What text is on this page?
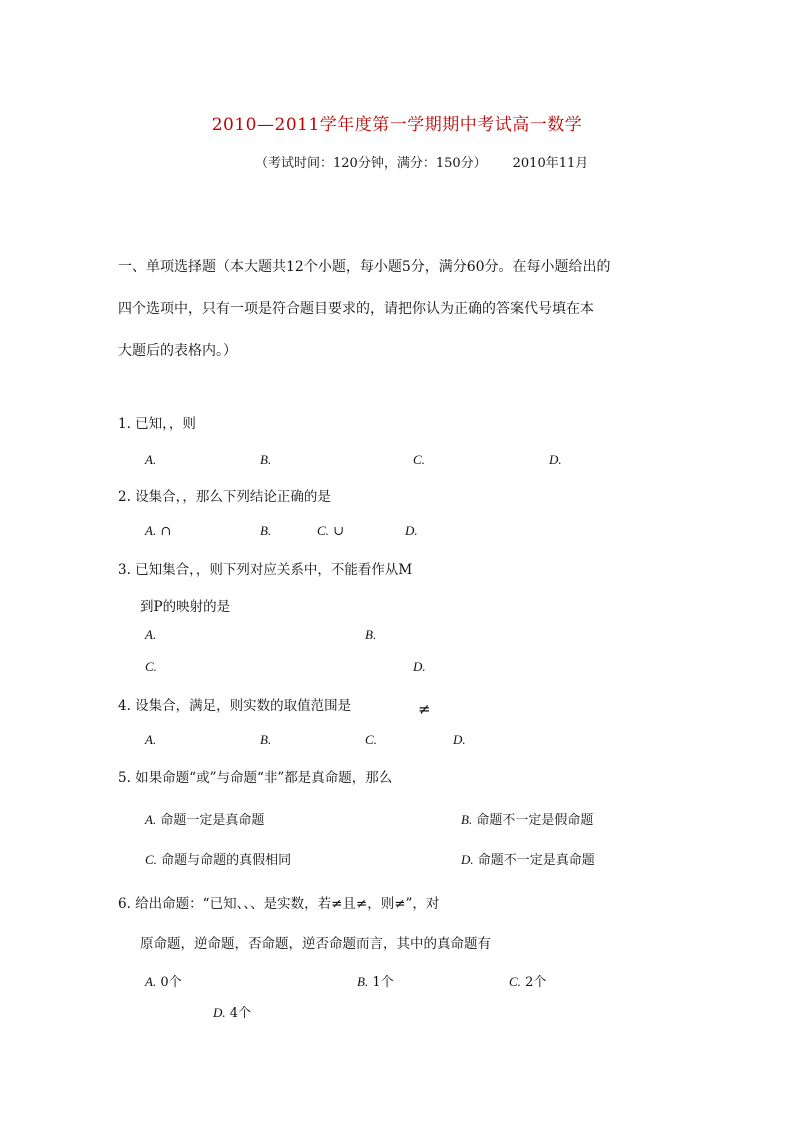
2010—2011学年度第一学期期中考试高一数学
（考试时间：120分钟，满分：150分） 2010年11月
一、单项选择题（本大题共12个小题，每小题5分，满分60分。在每小题给出的
四个选项中，只有一项是符合题目要求的，请把你认为正确的答案代号填在本
大题后的表格内。）
1. 已知，，则
A.	B.	C.	D.
2. 设集合，，那么下列结论正确的是
A. ∩	B.	C. ∪	D.
3. 已知集合，，则下列对应关系中，不能看作从M
到P的映射的是
A.	B.
C.	D.
4. 设集合，满足，则实数的取值范围是	≠
A.	B.	C.	D.
5. 如果命题“或”与命题“非”都是真命题，那么
A. 命题一定是真命题	B. 命题不一定是假命题
C. 命题与命题的真假相同	D. 命题不一定是真命题
6. 给出命题：“已知、、、是实数，若≠且≠，则≠”，对
原命题，逆命题，否命题，逆否命题而言，其中的真命题有
A. 0个	B. 1个	C. 2个
D. 4个
